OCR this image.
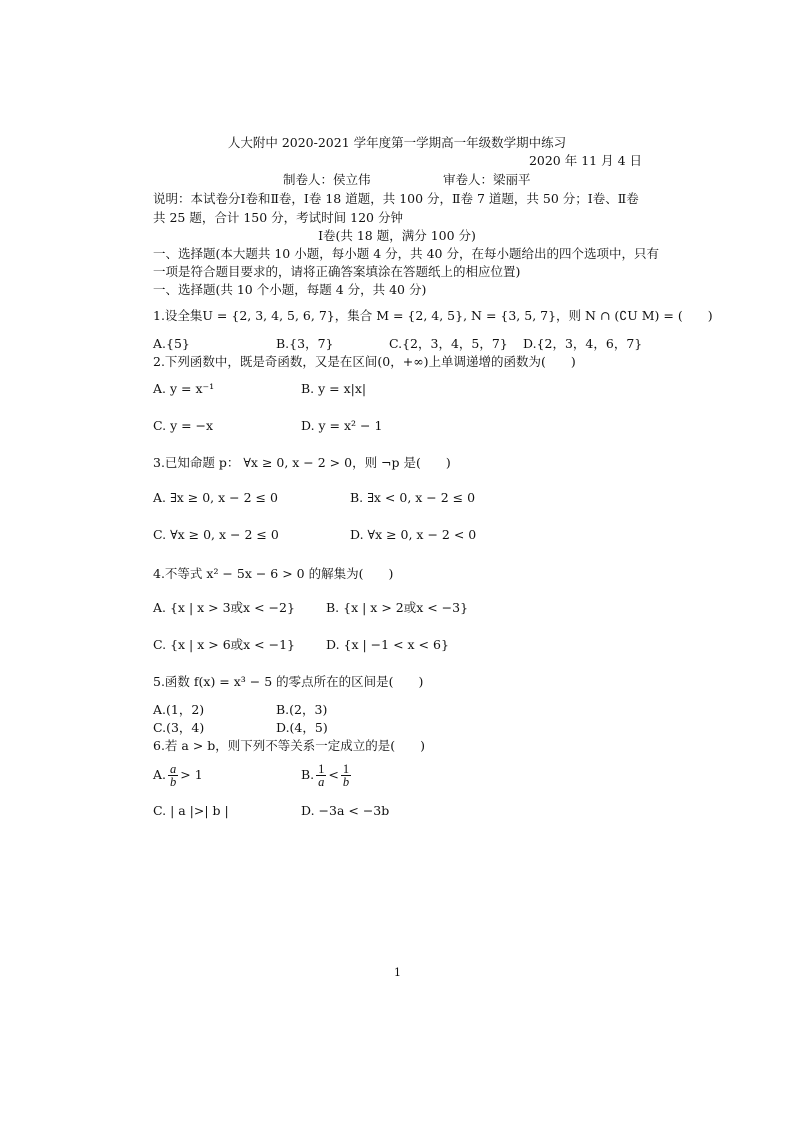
人大附中 2020-2021 学年度第一学期高一年级数学期中练习
2020 年 11 月 4 日
制卷人：侯立伟	审卷人：梁丽平
说明：本试卷分Ⅰ卷和Ⅱ卷，Ⅰ卷 18 道题，共 100 分，Ⅱ卷 7 道题，共 50 分；Ⅰ卷、Ⅱ卷
共 25 题，合计 150 分，考试时间 120 分钟
Ⅰ卷(共 18 题，满分 100 分)
一、选择题(本大题共 10 小题，每小题 4 分，共 40 分，在每小题给出的四个选项中，只有
一项是符合题目要求的，请将正确答案填涂在答题纸上的相应位置)
一、选择题(共 10 个小题，每题 4 分，共 40 分)
1.设全集U = {2, 3, 4, 5, 6, 7}，集合 M = {2, 4, 5}, N = {3, 5, 7}，则 N ∩ (∁U M) = (　　)
A.{5}	B.{3，7}	C.{2，3，4，5，7} D.{2，3，4，6，7}
2.下列函数中，既是奇函数，又是在区间(0，+∞)上单调递增的函数为(　　)
A. y = x⁻¹	B. y = x|x|
C. y = −x	D. y = x² − 1
3.已知命题 p： ∀x ≥ 0, x − 2 > 0，则 ¬p 是(　　)
A. ∃x ≥ 0, x − 2 ≤ 0	B. ∃x < 0, x − 2 ≤ 0
C. ∀x ≥ 0, x − 2 ≤ 0	D. ∀x ≥ 0, x − 2 < 0
4.不等式 x² − 5x − 6 > 0 的解集为(　　)
A. {x | x > 3或x < −2} B. {x | x > 2或x < −3}
C. {x | x > 6或x < −1} D. {x | −1 < x < 6}
5.函数 f(x) = x³ − 5 的零点所在的区间是(　　)
A.(1，2)	B.(2，3)
C.(3，4)	D.(4，5)
6.若 a > b，则下列不等关系一定成立的是(　　)
A. $\frac{a}{b} > 1$	B. $\frac{1}{a} < \frac{1}{b}$
C. | a |>| b |	D. −3a < −3b
1
